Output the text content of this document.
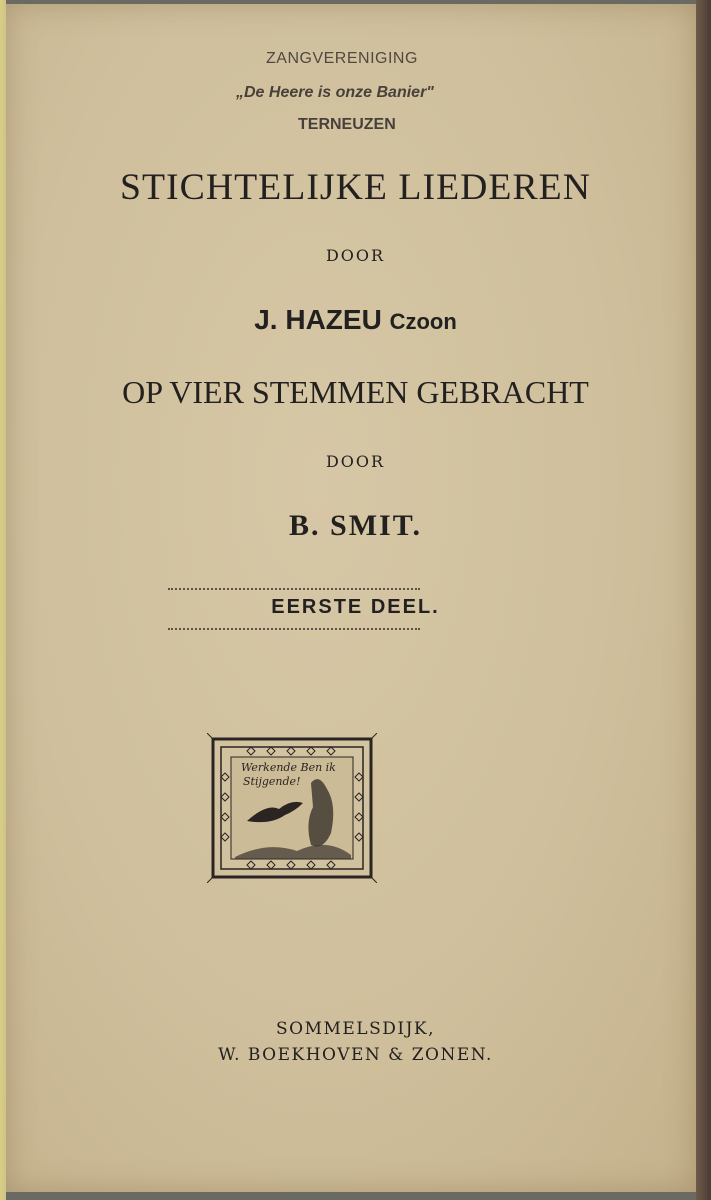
ZANGVERENIGING
„De Heere is onze Banier"
TERNEUZEN
STICHTELIJKE LIEDEREN
DOOR
J. HAZEU Czoon
OP VIER STEMMEN GEBRACHT
DOOR
B. SMIT.
EERSTE DEEL.
Werkende Ben ik
Stijgende!
SOMMELSDIJK,
W. BOEKHOVEN & ZONEN.
